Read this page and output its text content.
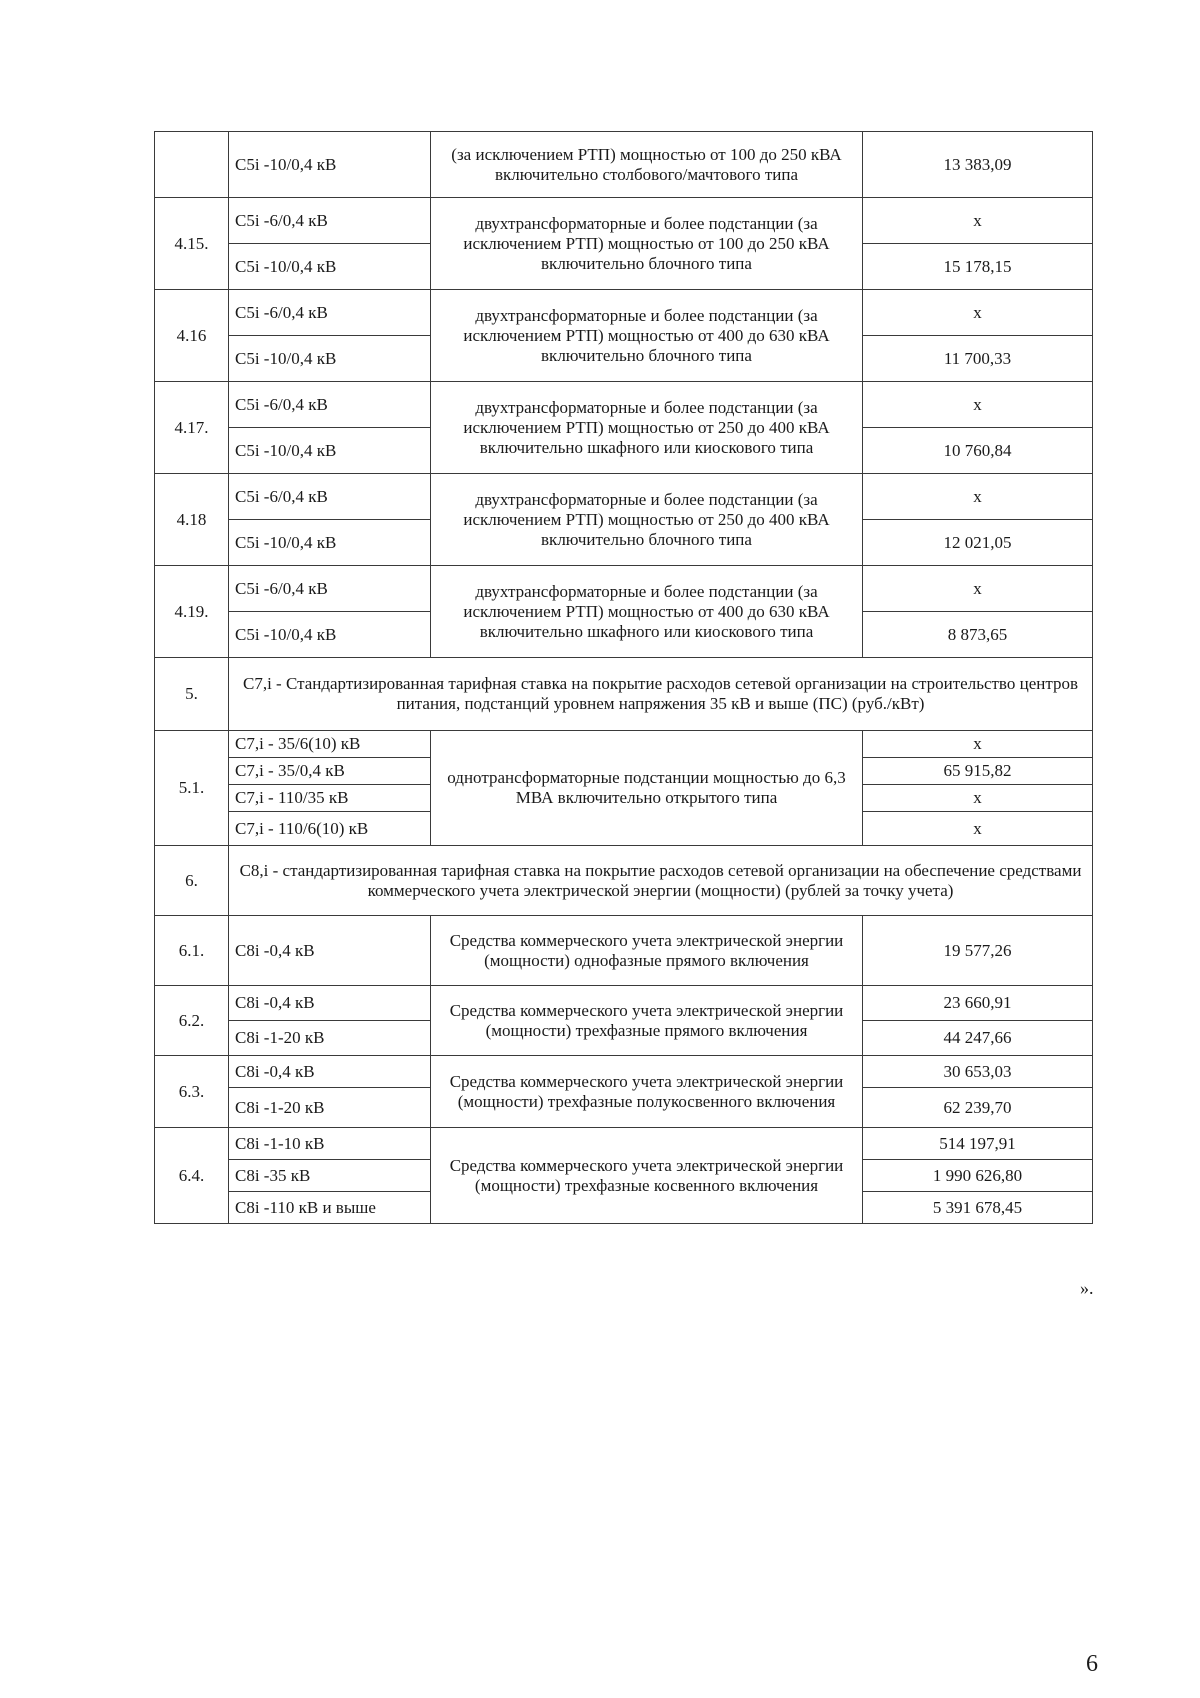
	C5i -10/0,4 кВ	(за исключением РТП) мощностью от 100 до 250 кВА включительно столбового/мачтового типа	13 383,09
4.15.	C5i -6/0,4 кВ	двухтрансформаторные и более подстанции (за исключением РТП) мощностью от 100 до 250 кВА включительно блочного типа	x
	C5i -10/0,4 кВ		15 178,15
4.16	C5i -6/0,4 кВ	двухтрансформаторные и более подстанции (за исключением РТП) мощностью от 400 до 630 кВА включительно блочного типа	x
	C5i -10/0,4 кВ		11 700,33
4.17.	C5i -6/0,4 кВ	двухтрансформаторные и более подстанции (за исключением РТП) мощностью от 250 до 400 кВА включительно шкафного или киоскового типа	x
	C5i -10/0,4 кВ		10 760,84
4.18	C5i -6/0,4 кВ	двухтрансформаторные и более подстанции (за исключением РТП) мощностью от 250 до 400 кВА включительно блочного типа	x
	C5i -10/0,4 кВ		12 021,05
4.19.	C5i -6/0,4 кВ	двухтрансформаторные и более подстанции (за исключением РТП) мощностью от 400 до 630 кВА включительно шкафного или киоскового типа	x
	C5i -10/0,4 кВ		8 873,65
5.	C7,i - Стандартизированная тарифная ставка на покрытие расходов сетевой организации на строительство центров питания, подстанций уровнем напряжения 35 кВ и выше (ПС) (руб./кВт)		
5.1.	C7,i - 35/6(10) кВ	однотрансформаторные подстанции мощностью до 6,3 МВА включительно открытого типа	x
	C7,i - 35/0,4 кВ		65 915,82
	C7,i - 110/35 кВ		x
	C7,i - 110/6(10) кВ		x
6.	C8,i - стандартизированная тарифная ставка на покрытие расходов сетевой организации на обеспечение средствами коммерческого учета электрической энергии (мощности) (рублей за точку учета)		
6.1.	C8i -0,4 кВ	Средства коммерческого учета электрической энергии (мощности) однофазные прямого включения	19 577,26
6.2.	C8i -0,4 кВ	Средства коммерческого учета электрической энергии (мощности) трехфазные прямого включения	23 660,91
	C8i -1-20 кВ		44 247,66
6.3.	C8i -0,4 кВ	Средства коммерческого учета электрической энергии (мощности) трехфазные полукосвенного включения	30 653,03
	C8i -1-20 кВ		62 239,70
6.4.	C8i -1-10 кВ	Средства коммерческого учета электрической энергии (мощности) трехфазные косвенного включения	514 197,91
	C8i -35 кВ		1 990 626,80
	C8i -110 кВ и выше		5 391 678,45
».
6
